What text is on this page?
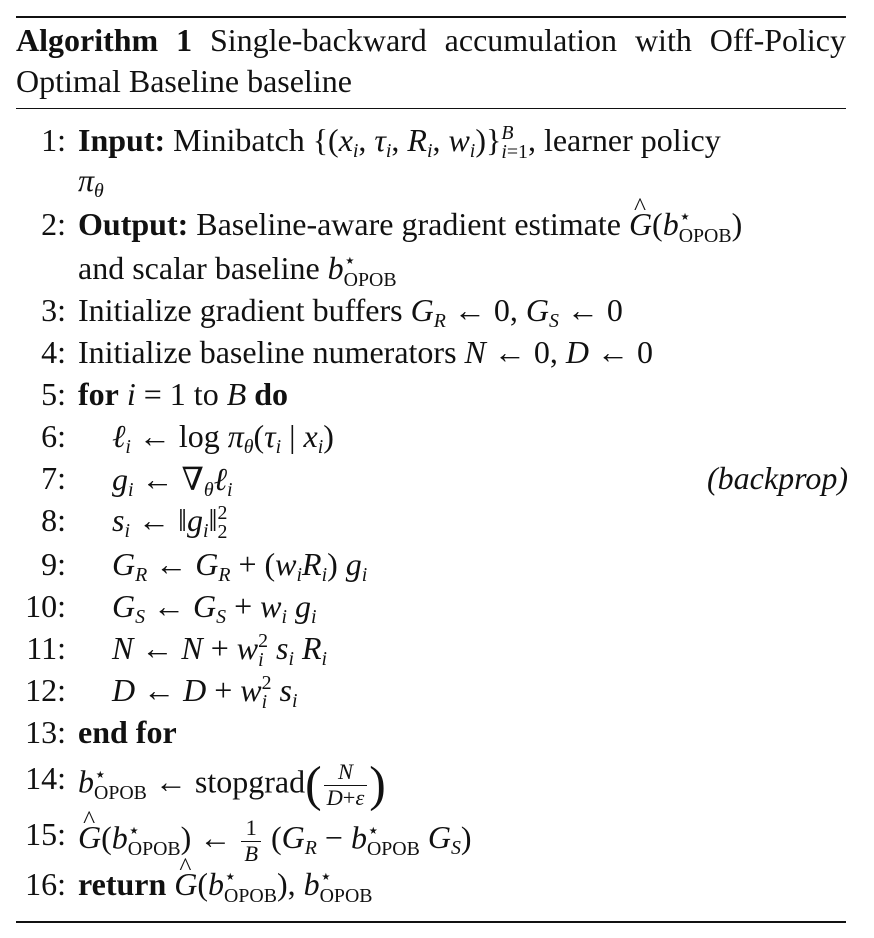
Algorithm 1 Single-backward accumulation with Off-Policy Optimal Baseline baseline
1: Input: Minibatch {($x_i$, $\tau_i$, $R_i$, $w_i$)} B
i=1 , learner policy
$\pi_\theta$
2: Output: Baseline-aware gradient estimate ^ G(b ⋆
OPOB )
and scalar baseline b ⋆
OPOB
3: Initialize gradient buffers $G_R$ ← 0, $G_S$ ← 0
4: Initialize baseline numerators N ← 0, D ← 0
5: for i = 1 to B do
6: ℓ$_i$ ← $\log \pi_\theta(\tau_i$ | $x_i$)
7: $g_i$ ← $\nabla_\theta\ell_i$	(backprop)
8: $s_i$ ← $‖g_i‖$ 2
2
9: $G_R$ ← $G_R + (w_iR_i)$ $g_i$
10: $G_S$ ← $G_S + w_i$ $g_i$
11: N ← N + w 2
i $s_i$ $R_i$
12: D ← D + w 2
i $s_i$
13: end for
14: b ⋆
OPOB ← stopgrad( $\frac{N}{D+\varepsilon}$ )
15: ^ G(b ⋆
OPOB ) ← $\frac{1}{B} (G_R - b$ ⋆
OPOB $G_S$)
16: return ^ G(b ⋆
OPOB ), b ⋆
OPOB
